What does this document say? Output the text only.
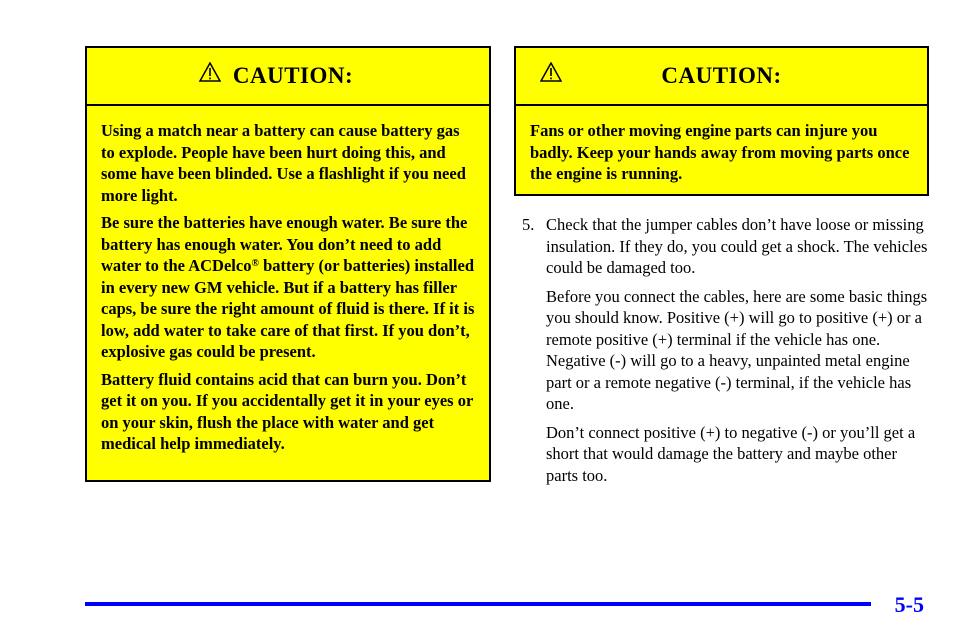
CAUTION:

Using a match near a battery can cause battery gas to explode. People have been hurt doing this, and some have been blinded. Use a flashlight if you need more light.

Be sure the batteries have enough water. Be sure the battery has enough water. You don’t need to add water to the ACDelco® battery (or batteries) installed in every new GM vehicle. But if a battery has filler caps, be sure the right amount of fluid is there. If it is low, add water to take care of that first. If you don’t, explosive gas could be present.

Battery fluid contains acid that can burn you. Don’t get it on you. If you accidentally get it in your eyes or on your skin, flush the place with water and get medical help immediately.

CAUTION:

Fans or other moving engine parts can injure you badly. Keep your hands away from moving parts once the engine is running.

5. Check that the jumper cables don’t have loose or missing insulation. If they do, you could get a shock. The vehicles could be damaged too.

Before you connect the cables, here are some basic things you should know. Positive (+) will go to positive (+) or a remote positive (+) terminal if the vehicle has one. Negative (-) will go to a heavy, unpainted metal engine part or a remote negative (-) terminal, if the vehicle has one.

Don’t connect positive (+) to negative (-) or you’ll get a short that would damage the battery and maybe other parts too.

5-5
